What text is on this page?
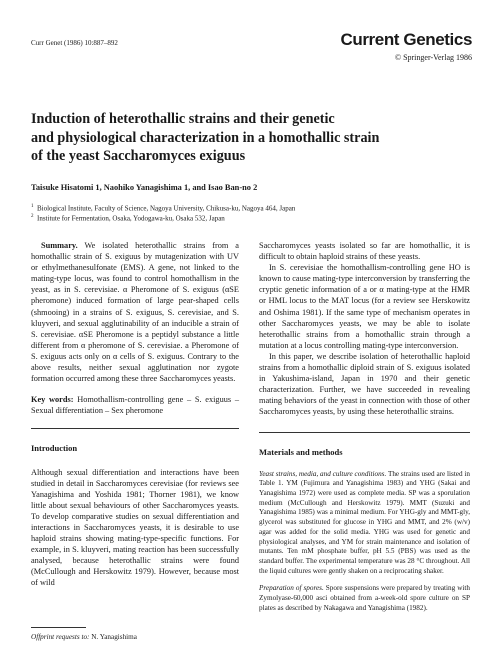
Curr Genet (1986) 10:887–892	Current Genetics
© Springer-Verlag 1986
Induction of heterothallic strains and their genetic
and physiological characterization in a homothallic strain
of the yeast Saccharomyces exiguus
Taisuke Hisatomi 1, Naohiko Yanagishima 1, and Isao Ban-no 2
$^1$ Biological Institute, Faculty of Science, Nagoya University, Chikusa-ku, Nagoya 464, Japan
$^2$ Institute for Fermentation, Osaka, Yodogawa-ku, Osaka 532, Japan

Summary. We isolated heterothallic strains from a homothallic strain of S. exiguus by mutagenization with UV or ethylmethanesulfonate (EMS). A gene, not linked to the mating-type locus, was found to control homothallism in the yeast, as in S. cerevisiae. α Pheromone of S. exiguus (αSE pheromone) induced formation of large pear-shaped cells (shmooing) in a strains of S. exiguus, S. cerevisiae, and S. kluyveri, and sexual agglutinability of an inducible a strain of S. cerevisiae. αSE Pheromone is a peptidyl substance a little different from α pheromone of S. cerevisiae. a Pheromone of S. exiguus acts only on α cells of S. exiguus. Contrary to the above results, neither sexual agglutination nor zygote formation occurred among these three Saccharomyces yeasts.

Key words: Homothallism-controlling gene – S. exiguus – Sexual differentiation – Sex pheromone

Introduction

Although sexual differentiation and interactions have been studied in detail in Saccharomyces cerevisiae (for reviews see Yanagishima and Yoshida 1981; Thorner 1981), we know little about sexual behaviours of other Saccharomyces yeasts. To develop comparative studies on sexual differentiation and interactions in Saccharomyces yeasts, it is desirable to use haploid strains showing mating-type-specific functions. For example, in S. kluyveri, mating reaction has been successfully analysed, because heterothallic strains were found (McCullough and Herskowitz 1979). However, because most of wild

Saccharomyces yeasts isolated so far are homothallic, it is difficult to obtain haploid strains of these yeasts.

In S. cerevisiae the homothallism-controlling gene HO is known to cause mating-type interconversion by transferring the cryptic genetic information of a or α mating-type at the HMR or HML locus to the MAT locus (for a review see Herskowitz and Oshima 1981). If the same type of mechanism operates in other Saccharomyces yeasts, we may be able to isolate heterothallic strains from a homothallic strain through a mutation at a locus controlling mating-type interconversion.

In this paper, we describe isolation of heterothallic haploid strains from a homothallic diploid strain of S. exiguus isolated in Yakushima-island, Japan in 1970 and their genetic characterization. Further, we have succeeded in revealing mating behaviors of the yeast in connection with those of other Saccharomyces yeasts, by using these heterothallic strains.

Materials and methods

Yeast strains, media, and culture conditions. The strains used are listed in Table 1. YM (Fujimura and Yanagishima 1983) and YHG (Sakai and Yanagishima 1972) were used as complete media. SP was a sporulation medium (McCullough and Herskowitz 1979). MMT (Suzuki and Yanagishima 1985) was a minimal medium. For YHG-gly and MMT-gly, glycerol was substituted for glucose in YHG and MMT, and 2% (w/v) agar was added for the solid media. YHG was used for genetic and physiological analyses, and YM for strain maintenance and isolation of mutants. Ten mM phosphate buffer, pH 5.5 (PBS) was used as the standard buffer. The experimental temperature was 28 °C throughout. All the liquid cultures were gently shaken on a reciprocating shaker.

Preparation of spores. Spore suspensions were prepared by treating with Zymolyase-60,000 asci obtained from a-week-old spore culture on SP plates as described by Nakagawa and Yanagishima (1982).

Offprint requests to: N. Yanagishima
